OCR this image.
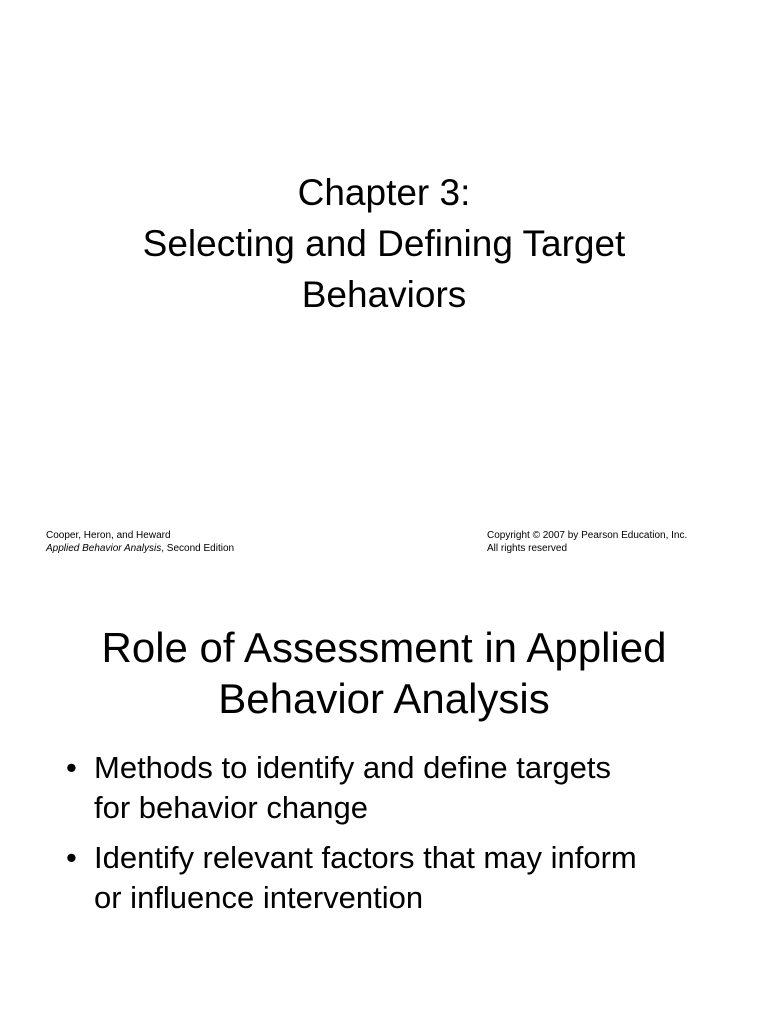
Chapter 3:
Selecting and Defining Target
Behaviors
Cooper, Heron, and Heward
Applied Behavior Analysis, Second Edition
Copyright © 2007 by Pearson Education, Inc.
All rights reserved
Role of Assessment in Applied
Behavior Analysis
• Methods to identify and define targets
for behavior change
• Identify relevant factors that may inform
or influence intervention
